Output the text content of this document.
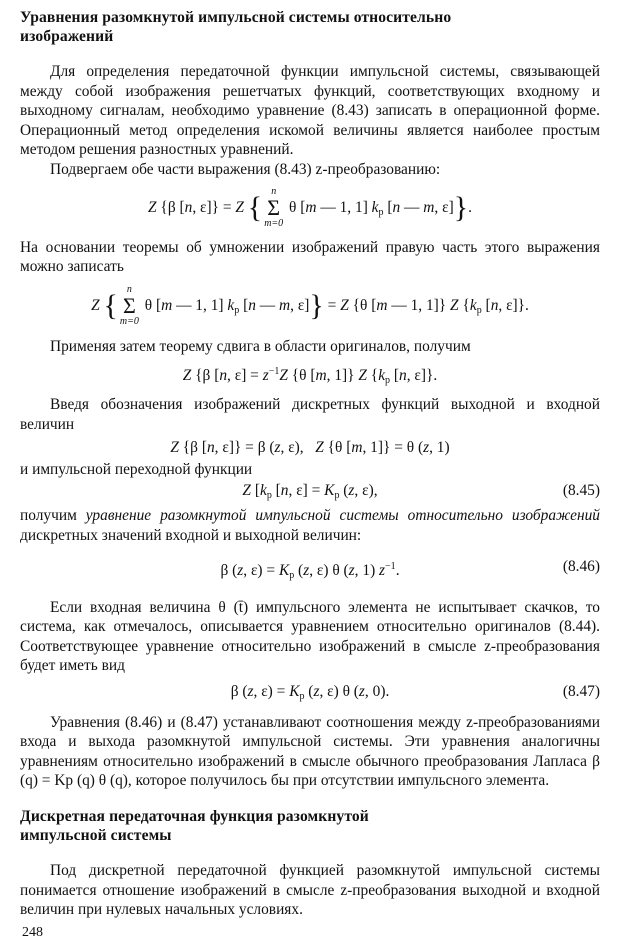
Уравнения разомкнутой импульсной системы относительно изображений

Для определения передаточной функции импульсной системы, связывающей между собой изображения решетчатых функций, соответствующих входному и выходному сигналам, необходимо уравнение (8.43) записать в операционной форме. Операционный метод определения искомой величины является наиболее простым методом решения разностных уравнений.

Подвергаем обе части выражения (8.43) z-преобразованию:

Z {β [n, ε]} = Z { n
Σ
m=0
θ [m — 1, 1] $k_p$ [n — m, ε]}.

На основании теоремы об умножении изображений правую часть этого выражения можно записать

Z { n
Σ
m=0
θ [m — 1, 1] $k_p$ [n — m, ε]} = Z {θ [m — 1, 1]} Z {$k_p$ [n, ε]}.

Применяя затем теорему сдвига в области оригиналов, получим

Z {β [n, $\varepsilon] = z^{-1}Z$ {θ [m, 1]} Z {$k_p$ [n, ε]}.

Введя обозначения изображений дискретных функций выходной и входной величин

Z {β [n, ε]} = β (z, ε),   Z {θ [m, 1]} = θ (z, 1)

и импульсной переходной функции

Z [$k_p$ [n, $\varepsilon] = K_p$ (z, ε),	(8.45)

получим уравнение разомкнутой импульсной системы относительно изображений дискретных значений входной и выходной величин:

β (z, $\varepsilon) = K_p$ (z, ε) θ (z, 1) $z^{-1}$.	(8.46)

Если входная величина θ (t̄) импульсного элемента не испытывает скачков, то система, как отмечалось, описывается уравнением относительно оригиналов (8.44). Соответствующее уравнение относительно изображений в смысле z-преобразования будет иметь вид

β (z, $\varepsilon) = K_p$ (z, ε) θ (z, 0).	(8.47)

Уравнения (8.46) и (8.47) устанавливают соотношения между z-преобразованиями входа и выхода разомкнутой импульсной системы. Эти уравнения аналогичны уравнениям относительно изображений в смысле обычного преобразования Лапласа β (q) = Kp (q) θ (q), которое получилось бы при отсутствии импульсного элемента.

Дискретная передаточная функция разомкнутой импульсной системы

Под дискретной передаточной функцией разомкнутой импульсной системы понимается отношение изображений в смысле z-преобразования выходной и входной величин при нулевых начальных условиях.

248
